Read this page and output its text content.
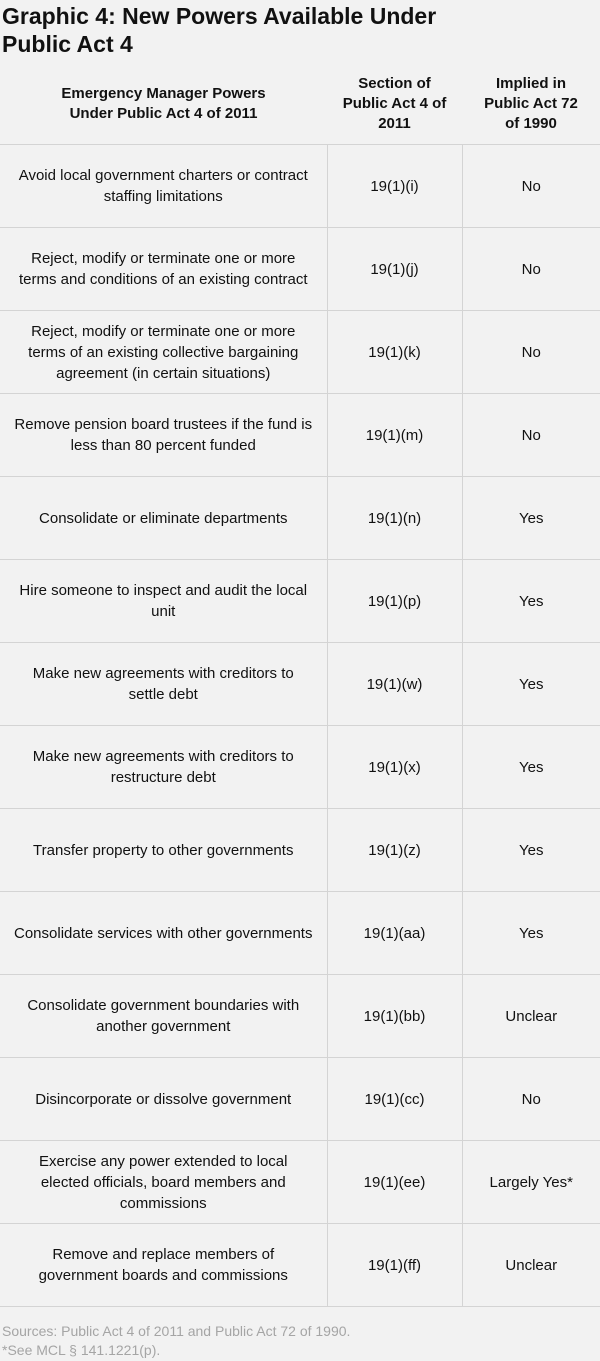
Graphic 4: New Powers Available Under
Public Act 4
Emergency Manager Powers Under Public Act 4 of 2011	Section of Public Act 4 of 2011	Implied in Public Act 72 of 1990
Avoid local government charters or contract staffing limitations	19(1)(i)	No
Reject, modify or terminate one or more terms and conditions of an existing contract	19(1)(j)	No
Reject, modify or terminate one or more terms of an existing collective bargaining agreement (in certain situations)	19(1)(k)	No
Remove pension board trustees if the fund is less than 80 percent funded	19(1)(m)	No
Consolidate or eliminate departments	19(1)(n)	Yes
Hire someone to inspect and audit the local unit	19(1)(p)	Yes
Make new agreements with creditors to settle debt	19(1)(w)	Yes
Make new agreements with creditors to restructure debt	19(1)(x)	Yes
Transfer property to other governments	19(1)(z)	Yes
Consolidate services with other governments	19(1)(aa)	Yes
Consolidate government boundaries with another government	19(1)(bb)	Unclear
Disincorporate or dissolve government	19(1)(cc)	No
Exercise any power extended to local elected officials, board members and commissions	19(1)(ee)	Largely Yes*
Remove and replace members of government boards and commissions	19(1)(ff)	Unclear
Sources: Public Act 4 of 2011 and Public Act 72 of 1990.
*See MCL § 141.1221(p).
